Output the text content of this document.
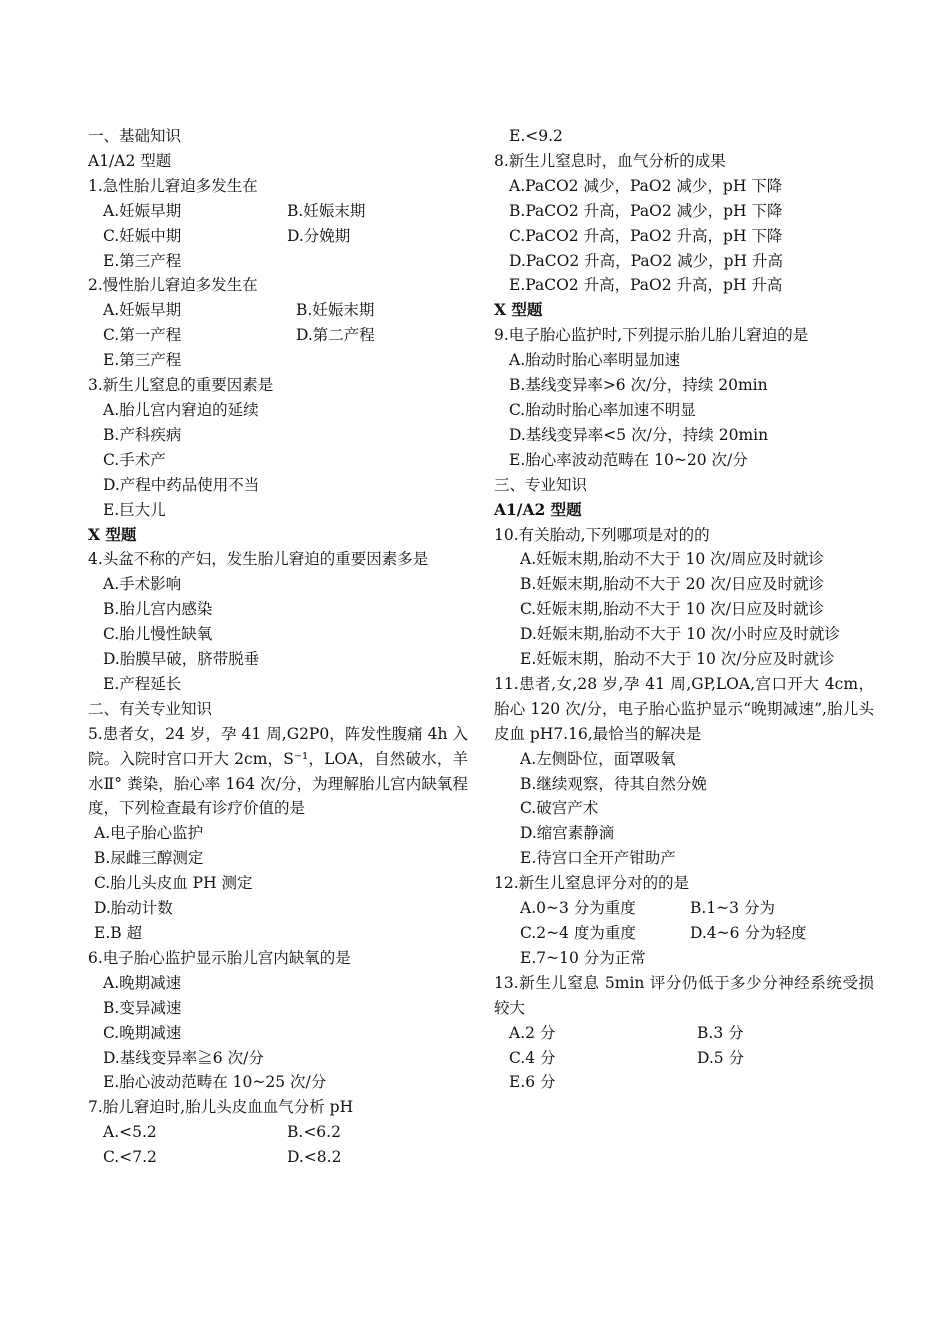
一、基础知识
A1/A2 型题
1.急性胎儿窘迫多发生在
A.妊娠早期	B.妊娠末期
C.妊娠中期	D.分娩期
E.第三产程
2.慢性胎儿窘迫多发生在
A.妊娠早期	B.妊娠末期
C.第一产程	D.第二产程
E.第三产程
3.新生儿窒息的重要因素是
A.胎儿宫内窘迫的延续
B.产科疾病
C.手术产
D.产程中药品使用不当
E.巨大儿
X 型题
4.头盆不称的产妇，发生胎儿窘迫的重要因素多是
A.手术影响
B.胎儿宫内感染
C.胎儿慢性缺氧
D.胎膜早破，脐带脱垂
E.产程延长
二、有关专业知识
5.患者女，24 岁，孕 41 周,G2P0，阵发性腹痛 4h 入院。入院时宫口开大 2cm，S⁻¹，LOA，自然破水，羊水Ⅱ° 粪染，胎心率 164 次/分，为理解胎儿宫内缺氧程度，下列检查最有诊疗价值的是
A.电子胎心监护
B.尿雌三醇测定
C.胎儿头皮血 PH 测定
D.胎动计数
E.B 超
6.电子胎心监护显示胎儿宫内缺氧的是
A.晚期减速
B.变异减速
C.晚期减速
D.基线变异率≧6 次/分
E.胎心波动范畴在 10~25 次/分
7.胎儿窘迫时,胎儿头皮血血气分析 pH
A.<5.2	B.<6.2
C.<7.2	D.<8.2
E.<9.2
8.新生儿窒息时，血气分析的成果
A.PaCO2 减少，PaO2 减少，pH 下降
B.PaCO2 升高，PaO2 减少，pH 下降
C.PaCO2 升高，PaO2 升高，pH 下降
D.PaCO2 升高，PaO2 减少，pH 升高
E.PaCO2 升高，PaO2 升高，pH 升高
X 型题
9.电子胎心监护时,下列提示胎儿胎儿窘迫的是
A.胎动时胎心率明显加速
B.基线变异率>6 次/分，持续 20min
C.胎动时胎心率加速不明显
D.基线变异率<5 次/分，持续 20min
E.胎心率波动范畴在 10~20 次/分
三、专业知识
A1/A2 型题
10.有关胎动,下列哪项是对的的
A.妊娠末期,胎动不大于 10 次/周应及时就诊
B.妊娠末期,胎动不大于 20 次/日应及时就诊
C.妊娠末期,胎动不大于 10 次/日应及时就诊
D.妊娠末期,胎动不大于 10 次/小时应及时就诊
E.妊娠末期，胎动不大于 10 次/分应及时就诊
11.患者,女,28 岁,孕 41 周,GP,LOA,宫口开大 4cm，胎心 120 次/分，电子胎心监护显示“晚期减速”,胎儿头皮血 pH7.16,最恰当的解决是
A.左侧卧位，面罩吸氧
B.继续观察，待其自然分娩
C.破宫产术
D.缩宫素静滴
E.待宫口全开产钳助产
12.新生儿窒息评分对的的是
A.0~3 分为重度	B.1~3 分为
C.2~4 度为重度	D.4~6 分为轻度
E.7~10 分为正常
13.新生儿窒息 5min 评分仍低于多少分神经系统受损较大
A.2 分	B.3 分
C.4 分	D.5 分
E.6 分
